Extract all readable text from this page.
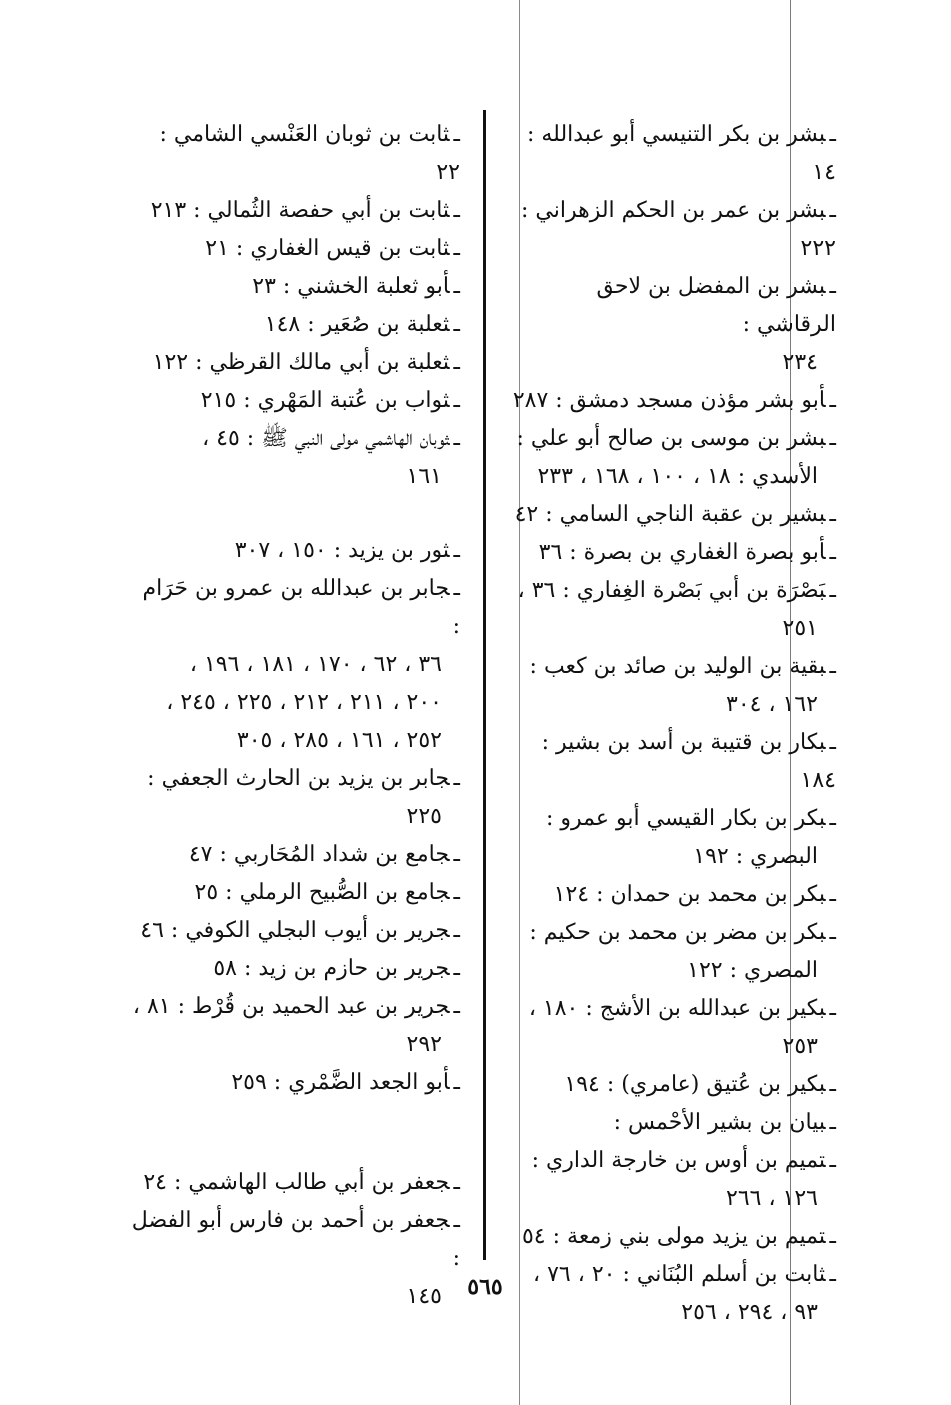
ـبشر بن بكر التنيسي أبو عبدالله : ١٤
ـبشر بن عمر بن الحكم الزهراني : ٢٢٢
ـبشر بن المفضل بن لاحق الرقاشي :
٢٣٤
ـأبو بشر مؤذن مسجد دمشق : ٢٨٧
ـبشر بن موسى بن صالح أبو علي :
الأسدي : ١٨ ، ١٠٠ ، ١٦٨ ، ٢٣٣
ـبشير بن عقبة الناجي السامي : ٤٢
ـأبو بصرة الغفاري بن بصرة : ٣٦
ـبَصْرَة بن أبي بَصْرة الغِفاري : ٣٦ ،
٢٥١
ـبقية بن الوليد بن صائد بن كعب :
١٦٢ ، ٣٠٤
ـبكار بن قتيبة بن أسد بن بشير : ١٨٤
ـبكر بن بكار القيسي أبو عمرو :
البصري : ١٩٢
ـبكر بن محمد بن حمدان : ١٢٤
ـبكر بن مضر بن محمد بن حكيم :
المصري : ١٢٢
ـبكير بن عبدالله بن الأشج : ١٨٠ ،
٢٥٣
ـبكير بن عُتيق (عامري) : ١٩٤
ـبيان بن بشير الأحْمس :
ـتميم بن أوس بن خارجة الداري :
١٢٦ ، ٢٦٦
ـتميم بن يزيد مولى بني زمعة : ٥٤
ـثابت بن أسلم البُنَاني : ٢٠ ، ٧٦ ،
٩٣ ، ٢٩٤ ، ٢٥٦
ـثابت بن ثوبان العَنْسي الشامي : ٢٢
ـثابت بن أبي حفصة الثُمالي : ٢١٣
ـثابت بن قيس الغفاري : ٢١
ـأبو ثعلبة الخشني : ٢٣
ـثعلبة بن صُعَير : ١٤٨
ـثعلبة بن أبي مالك القرظي : ١٢٢
ـثواب بن عُتبة المَهْري : ٢١٥
ـثوبان الهاشمي مولى النبي ﷺ : ٤٥ ،
١٦١
ـثور بن يزيد : ١٥٠ ، ٣٠٧
ـجابر بن عبدالله بن عمرو بن حَرَام :
٣٦ ، ٦٢ ، ١٧٠ ، ١٨١ ، ١٩٦ ،
٢٠٠ ، ٢١١ ، ٢١٢ ، ٢٢٥ ، ٢٤٥ ،
٢٥٢ ، ١٦١ ، ٢٨٥ ، ٣٠٥
ـجابر بن يزيد بن الحارث الجعفي :
٢٢٥
ـجامع بن شداد المُحَاربي : ٤٧
ـجامع بن الصُّبيح الرملي : ٢٥
ـجرير بن أيوب البجلي الكوفي : ٤٦
ـجرير بن حازم بن زيد : ٥٨
ـجرير بن عبد الحميد بن قُرْط : ٨١ ،
٢٩٢
ـأبو الجعد الضَّمْري : ٢٥٩
ـجعفر بن أبي طالب الهاشمي : ٢٤
ـجعفر بن أحمد بن فارس أبو الفضل :
١٤٥	٥٦٥
